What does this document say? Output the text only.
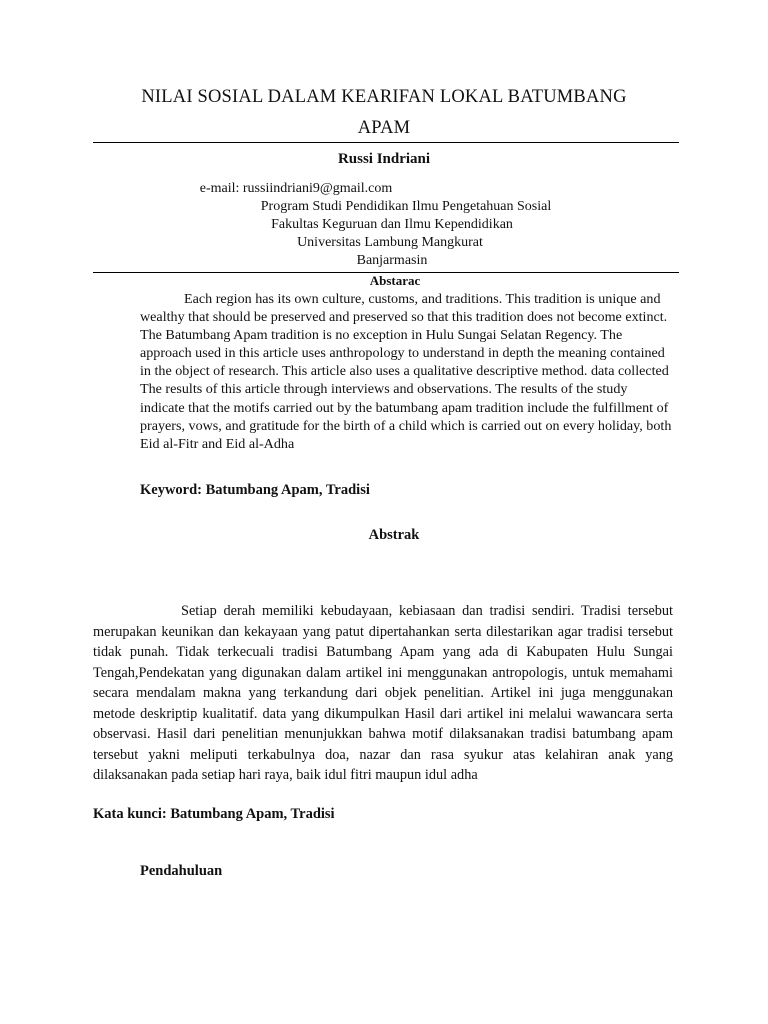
NILAI SOSIAL DALAM KEARIFAN LOKAL BATUMBANG
APAM
Russi Indriani
e-mail: russiindriani9@gmail.com
Program Studi Pendidikan Ilmu Pengetahuan Sosial
Fakultas Keguruan dan Ilmu Kependidikan
Universitas Lambung Mangkurat
Banjarmasin
Abstarac
Each region has its own culture, customs, and traditions. This tradition is unique and wealthy that should be preserved and preserved so that this tradition does not become extinct. The Batumbang Apam tradition is no exception in Hulu Sungai Selatan Regency. The approach used in this article uses anthropology to understand in depth the meaning contained in the object of research. This article also uses a qualitative descriptive method. data collected The results of this article through interviews and observations. The results of the study indicate that the motifs carried out by the batumbang apam tradition include the fulfillment of prayers, vows, and gratitude for the birth of a child which is carried out on every holiday, both Eid al-Fitr and Eid al-Adha
Keyword: Batumbang Apam, Tradisi
Abstrak
Setiap derah memiliki kebudayaan, kebiasaan dan tradisi sendiri. Tradisi tersebut merupakan keunikan dan kekayaan yang patut dipertahankan serta dilestarikan agar tradisi tersebut tidak punah. Tidak terkecuali tradisi Batumbang Apam yang ada di Kabupaten Hulu Sungai Tengah,Pendekatan yang digunakan dalam artikel ini menggunakan antropologis, untuk memahami secara mendalam makna yang terkandung dari objek penelitian. Artikel ini juga menggunakan metode deskriptip kualitatif. data yang dikumpulkan Hasil dari artikel ini melalui wawancara serta observasi. Hasil dari penelitian menunjukkan bahwa motif dilaksanakan tradisi batumbang apam tersebut yakni meliputi terkabulnya doa, nazar dan rasa syukur atas kelahiran anak yang dilaksanakan pada setiap hari raya, baik idul fitri maupun idul adha
Kata kunci: Batumbang Apam, Tradisi
Pendahuluan
